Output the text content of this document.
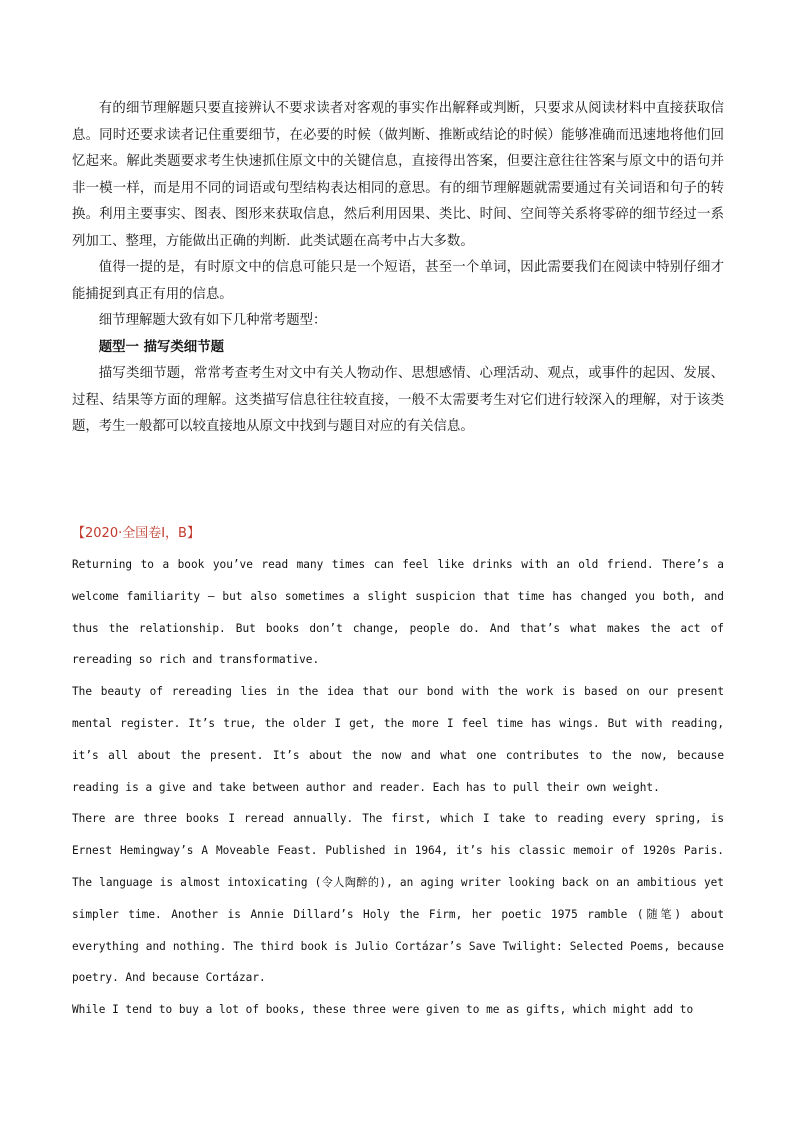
有的细节理解题只要直接辨认不要求读者对客观的事实作出解释或判断，只要求从阅读材料中直接获取信息。同时还要求读者记住重要细节，在必要的时候（做判断、推断或结论的时候）能够准确而迅速地将他们回忆起来。解此类题要求考生快速抓住原文中的关键信息，直接得出答案，但要注意往往答案与原文中的语句并非一模一样，而是用不同的词语或句型结构表达相同的意思。有的细节理解题就需要通过有关词语和句子的转换。利用主要事实、图表、图形来获取信息，然后利用因果、类比、时间、空间等关系将零碎的细节经过一系列加工、整理，方能做出正确的判断．此类试题在高考中占大多数。

值得一提的是，有时原文中的信息可能只是一个短语，甚至一个单词，因此需要我们在阅读中特别仔细才能捕捉到真正有用的信息。

细节理解题大致有如下几种常考题型：

题型一 描写类细节题

描写类细节题，常常考查考生对文中有关人物动作、思想感情、心理活动、观点，或事件的起因、发展、过程、结果等方面的理解。这类描写信息往往较直接，一般不太需要考生对它们进行较深入的理解，对于该类题，考生一般都可以较直接地从原文中找到与题目对应的有关信息。

【2020·全国卷I，B】

Returning to a book you’ve read many times can feel like drinks with an old friend. There’s a welcome familiarity — but also sometimes a slight suspicion that time has changed you both, and thus the relationship. But books don’t change, people do. And that’s what makes the act of rereading so rich and transformative.

The beauty of rereading lies in the idea that our bond with the work is based on our present mental register. It’s true, the older I get, the more I feel time has wings. But with reading, it’s all about the present. It’s about the now and what one contributes to the now, because reading is a give and take between author and reader. Each has to pull their own weight.

There are three books I reread annually. The first, which I take to reading every spring, is Ernest Hemingway’s A Moveable Feast. Published in 1964, it’s his classic memoir of 1920s Paris. The language is almost intoxicating (令人陶醉的), an aging writer looking back on an ambitious yet simpler time. Another is Annie Dillard’s Holy the Firm, her poetic 1975 ramble (随笔) about everything and nothing. The third book is Julio Cortázar’s Save Twilight: Selected Poems, because poetry. And because Cortázar.

While I tend to buy a lot of books, these three were given to me as gifts, which might add to
